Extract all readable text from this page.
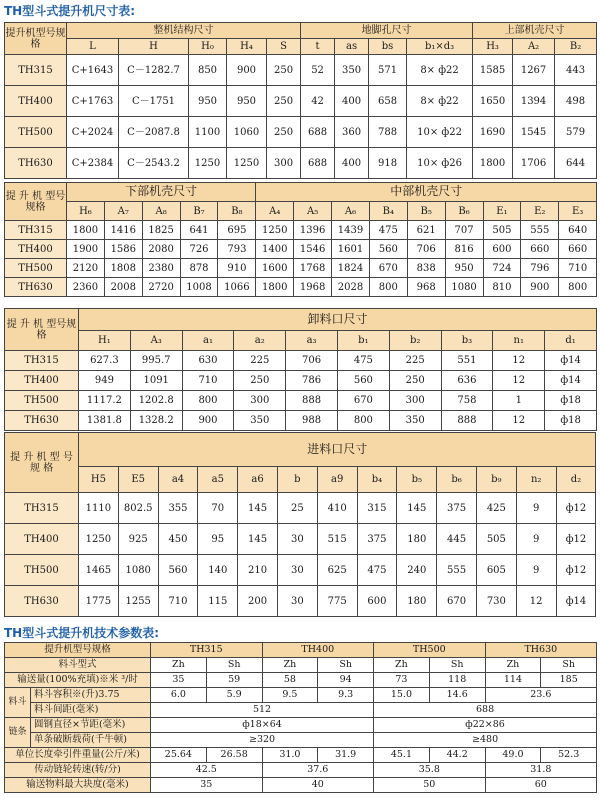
TH型斗式提升机尺寸表:
提升机型号规格	整机结构尺寸					地脚孔尺寸				上部机壳尺寸		
	L	H	H₀	H₄	S	t	as	bs	b₁×d₃	H₃	A₂	B₂
TH315	C+1643	C－1282.7	850	900	250	52	350	571	8× ф22	1585	1267	443
TH400	C+1763	C－1751	950	950	250	42	400	658	8× ф22	1650	1394	498
TH500	C+2024	C－2087.8	1100	1060	250	688	360	788	10× ф22	1690	1545	579
TH630	C+2384	C－2543.2	1250	1250	300	688	400	918	10× ф26	1800	1706	644
提 升 机 型号规格	下部机壳尺寸					中部机壳尺寸								
	H₆	A₇	A₈	B₇	B₈	A₄	A₅	A₆	B₄	B₅	B₆	E₁	E₂	E₃
TH315	1800	1416	1825	641	695	1250	1396	1439	475	621	707	505	555	640
TH400	1900	1586	2080	726	793	1400	1546	1601	560	706	816	600	660	660
TH500	2120	1808	2380	878	910	1600	1768	1824	670	838	950	724	796	710
TH630	2360	2008	2720	1008	1066	1800	1968	2028	800	968	1080	810	900	800
提 升 机 型号规格	卸料口尺寸									
	H₁	A₃	a₁	a₂	a₃	b₁	b₂	b₃	n₁	d₁
TH315	627.3	995.7	630	225	706	475	225	551	12	ф14
TH400	949	1091	710	250	786	560	250	636	12	ф14
TH500	1117.2	1202.8	800	300	888	670	300	758	1	ф18
TH630	1381.8	1328.2	900	350	988	800	350	888	12	ф18
提 升 机 型 号 规 格	进料口尺寸												
	H5	E5	a4	a5	a6	b	a9	b₄	b₅	b₆	b₉	n₂	d₂
TH315	1110	802.5	355	70	145	25	410	315	145	375	425	9	ф12
TH400	1250	925	450	95	145	30	515	375	180	445	505	9	ф12
TH500	1465	1080	560	140	210	30	625	475	240	555	605	9	ф12
TH630	1775	1255	710	115	200	30	775	600	180	670	730	12	ф14
TH型斗式提升机技术参数表:
提升机型号规格		TH315		TH400		TH500		TH630	
料斗型式		Zh	Sh	Zh	Sh	Zh	Sh	Zh	Sh
输送量(100%充填)※米 ³/时		35	59	58	94	73	118	114	185
料斗	料斗容积※(升)3.75	6.0	5.9	9.5	9.3	15.0	14.6	23.6	
	料斗间距(毫米)	512				688			
链条	圆钢直径×节距(毫米)	ф18×64				ф22×86			
	单条破断载荷(千牛顿)	≥320				≥480			
单位长度牵引件重量(公斤/米)		25.64	26.58	31.0	31.9	45.1	44.2	49.0	52.3
传动链轮转速(转/分)		42.5		37.6		35.8		31.8	
输送物料最大块度(毫米)		35		40		50		60	
